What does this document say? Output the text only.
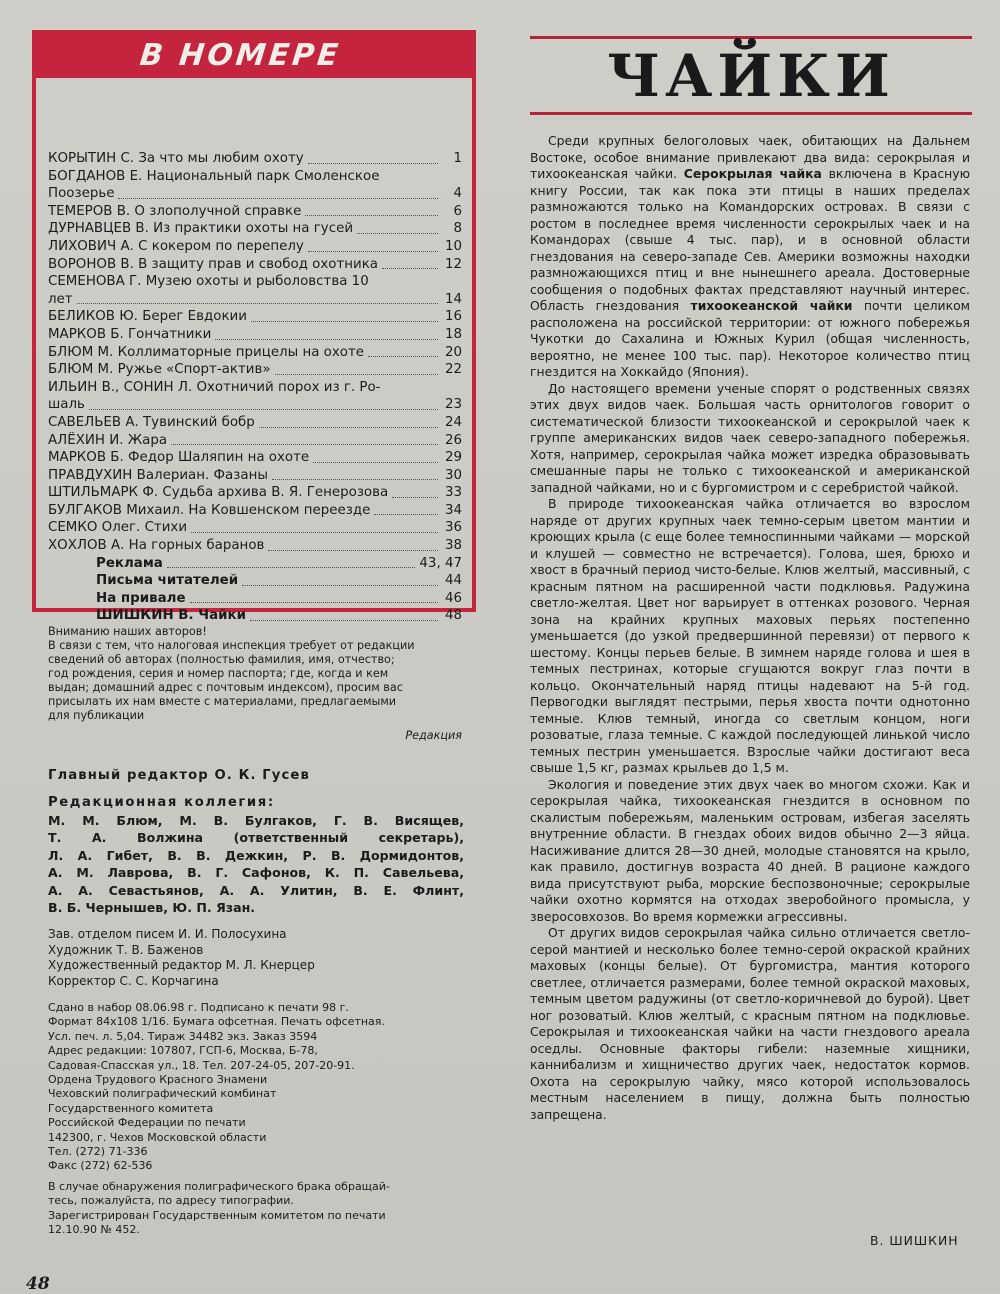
В НОМЕРЕ
КОРЫТИН С. За что мы любим охоту	1
БОГДАНОВ Е. Национальный парк Смоленское
Поозерье	4
ТЕМЕРОВ В. О злополучной справке	6
ДУРНАВЦЕВ В. Из практики охоты на гусей	8
ЛИХОВИЧ А. С кокером по перепелу	10
ВОРОНОВ В. В защиту прав и свобод охотника	12
СЕМЕНОВА Г. Музею охоты и рыболовства 10
лет	14
БЕЛИКОВ Ю. Берег Евдокии	16
МАРКОВ Б. Гончатники	18
БЛЮМ М. Коллиматорные прицелы на охоте	20
БЛЮМ М. Ружье «Спорт-актив»	22
ИЛЬИН В., СОНИН Л. Охотничий порох из г. Ро-
шаль	23
САВЕЛЬЕВ А. Тувинский бобр	24
АЛЁХИН И. Жара	26
МАРКОВ Б. Федор Шаляпин на охоте	29
ПРАВДУХИН Валериан. Фазаны	30
ШТИЛЬМАРК Ф. Судьба архива В. Я. Генерозова	33
БУЛГАКОВ Михаил. На Ковшенском переезде	34
СЕМКО Олег. Стихи	36
ХОХЛОВ А. На горных баранов	38
Реклама	43, 47
Письма читателей	44
На привале	46
ШИШКИН В. Чайки	48
Вниманию наших авторов!
В связи с тем, что налоговая инспекция требует от редакции
сведений об авторах (полностью фамилия, имя, отчество;
год рождения, серия и номер паспорта; где, когда и кем
выдан; домашний адрес с почтовым индексом), просим вас
присылать их нам вместе с материалами, предлагаемыми
для публикации
Редакция
Главный редактор О. К. Гусев
Редакционная коллегия:
М. М. Блюм, М. В. Булгаков, Г. В. Висящев,
Т. А. Волжина (ответственный секретарь),
Л. А. Гибет, В. В. Дежкин, Р. В. Дормидонтов,
А. М. Лаврова, В. Г. Сафонов, К. П. Савельева,
А. А. Севастьянов, А. А. Улитин, В. Е. Флинт,
В. Б. Чернышев, Ю. П. Язан.
Зав. отделом писем И. И. Полосухина
Художник Т. В. Баженов
Художественный редактор М. Л. Кнерцер
Корректор С. С. Корчагина
Сдано в набор 08.06.98 г. Подписано к печати 98 г.
Формат 84х108 1/16. Бумага офсетная. Печать офсетная.
Усл. печ. л. 5,04. Тираж 34482 экз. Заказ 3594
Адрес редакции: 107807, ГСП-6, Москва, Б-78,
Садовая-Спасская ул., 18. Тел. 207-24-05, 207-20-91.
Ордена Трудового Красного Знамени
Чеховский полиграфический комбинат
Государственного комитета
Российской Федерации по печати
142300, г. Чехов Московской области
Тел. (272) 71-336
Факс (272) 62-536
В случае обнаружения полиграфического брака обращай-
тесь, пожалуйста, по адресу типографии.
Зарегистрирован Государственным комитетом по печати
12.10.90 № 452.
48
ЧАЙКИ

Среди крупных белоголовых чаек, обитающих на Дальнем Востоке, особое внимание привлекают два вида: серокрылая и тихоокеанская чайки. Серокрылая чайка включена в Красную книгу России, так как пока эти птицы в наших пределах размножаются только на Командорских островах. В связи с ростом в последнее время численности серокрылых чаек и на Командорах (свыше 4 тыс. пар), и в основной области гнездования на северо-западе Сев. Америки возможны находки размножающихся птиц и вне нынешнего ареала. Достоверные сообщения о подобных фактах представляют научный интерес. Область гнездования тихоокеанской чайки почти целиком расположена на российской территории: от южного побережья Чукотки до Сахалина и Южных Курил (общая численность, вероятно, не менее 100 тыс. пар). Некоторое количество птиц гнездится на Хоккайдо (Япония).

До настоящего времени ученые спорят о родственных связях этих двух видов чаек. Большая часть орнитологов говорит о систематической близости тихоокеанской и серокрылой чаек к группе американских видов чаек северо-западного побережья. Хотя, например, серокрылая чайка может изредка образовывать смешанные пары не только с тихоокеанской и американской западной чайками, но и с бургомистром и с серебристой чайкой.

В природе тихоокеанская чайка отличается во взрослом наряде от других крупных чаек темно-серым цветом мантии и кроющих крыла (с еще более темноспинными чайками — морской и клушей — совместно не встречается). Голова, шея, брюхо и хвост в брачный период чисто-белые. Клюв желтый, массивный, с красным пятном на расширенной части подклювья. Радужина светло-желтая. Цвет ног варьирует в оттенках розового. Черная зона на крайних крупных маховых перьях постепенно уменьшается (до узкой предвершинной перевязи) от первого к шестому. Концы перьев белые. В зимнем наряде голова и шея в темных пестринах, которые сгущаются вокруг глаз почти в кольцо. Окончательный наряд птицы надевают на 5-й год. Первогодки выглядят пестрыми, перья хвоста почти однотонно темные. Клюв темный, иногда со светлым концом, ноги розоватые, глаза темные. С каждой последующей линькой число темных пестрин уменьшается. Взрослые чайки достигают веса свыше 1,5 кг, размах крыльев до 1,5 м.

Экология и поведение этих двух чаек во многом схожи. Как и серокрылая чайка, тихоокеанская гнездится в основном по скалистым побережьям, маленьким островам, избегая заселять внутренние области. В гнездах обоих видов обычно 2—3 яйца. Насиживание длится 28—30 дней, молодые становятся на крыло, как правило, достигнув возраста 40 дней. В рационе каждого вида присутствуют рыба, морские беспозвоночные; серокрылые чайки охотно кормятся на отходах зверобойного промысла, у зверосовхозов. Во время кормежки агрессивны.

От других видов серокрылая чайка сильно отличается светло-серой мантией и несколько более темно-серой окраской крайних маховых (концы белые). От бургомистра, мантия которого светлее, отличается размерами, более темной окраской маховых, темным цветом радужины (от светло-коричневой до бурой). Цвет ног розоватый. Клюв желтый, с красным пятном на подклювье. Серокрылая и тихоокеанская чайки на части гнездового ареала оседлы. Основные факторы гибели: наземные хищники, каннибализм и хищничество других чаек, недостаток кормов. Охота на серокрылую чайку, мясо которой использовалось местным населением в пищу, должна быть полностью запрещена.

В. ШИШКИН
